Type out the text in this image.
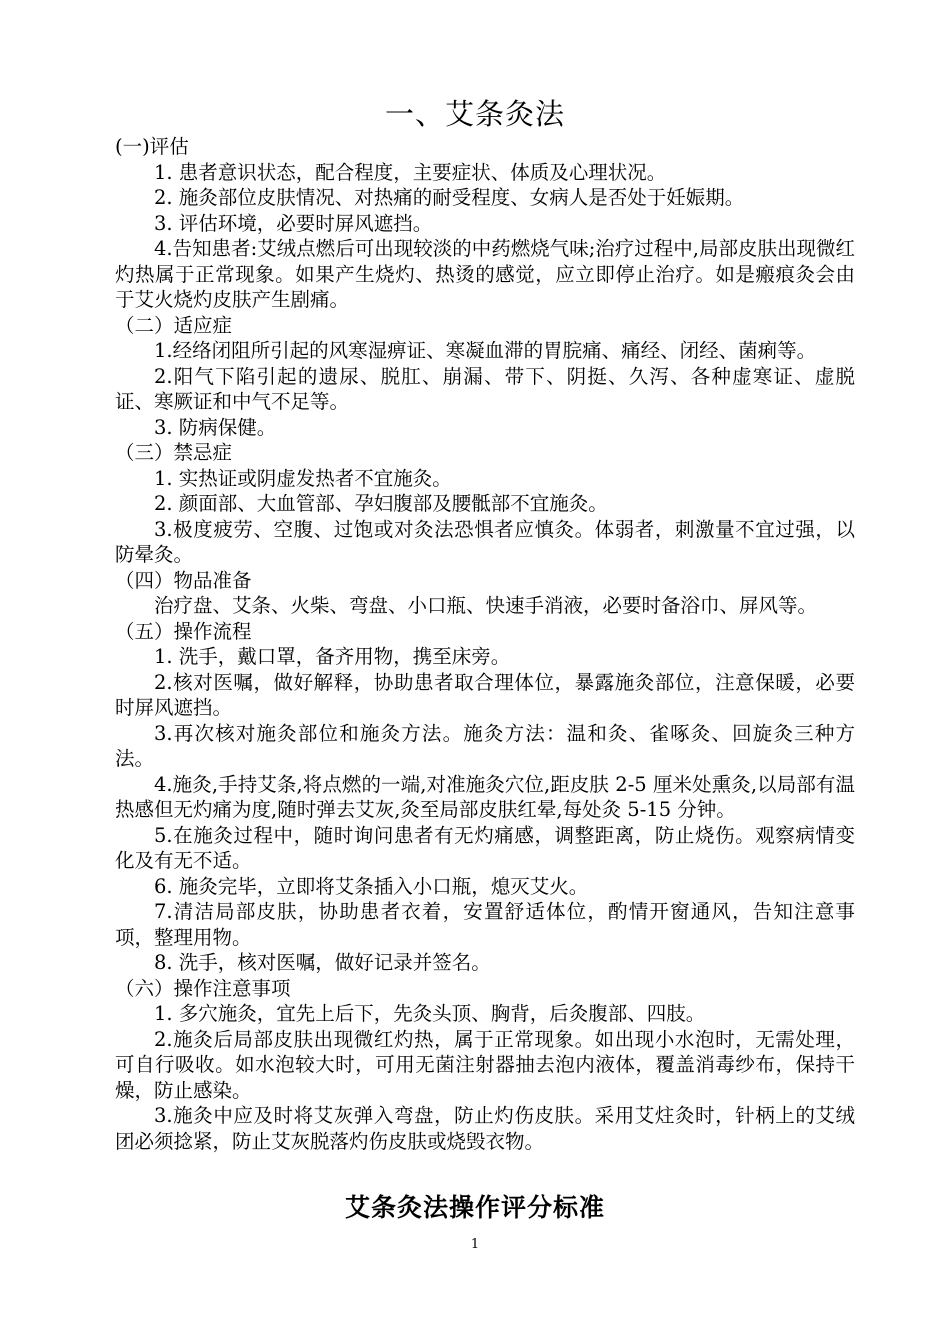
一、艾条灸法
(一)评估
1. 患者意识状态，配合程度，主要症状、体质及心理状况。
2. 施灸部位皮肤情况、对热痛的耐受程度、女病人是否处于妊娠期。
3. 评估环境，必要时屏风遮挡。
4.告知患者:艾绒点燃后可出现较淡的中药燃烧气味;治疗过程中,局部皮肤出现微红灼热属于正常现象。如果产生烧灼、热烫的感觉，应立即停止治疗。如是瘢痕灸会由于艾火烧灼皮肤产生剧痛。
（二）适应症
1.经络闭阻所引起的风寒湿痹证、寒凝血滞的胃脘痛、痛经、闭经、菌痢等。
2.阳气下陷引起的遗尿、脱肛、崩漏、带下、阴挺、久泻、各种虚寒证、虚脱证、寒厥证和中气不足等。
3. 防病保健。
（三）禁忌症
1. 实热证或阴虚发热者不宜施灸。
2. 颜面部、大血管部、孕妇腹部及腰骶部不宜施灸。
3.极度疲劳、空腹、过饱或对灸法恐惧者应慎灸。体弱者，刺激量不宜过强，以防晕灸。
（四）物品准备
治疗盘、艾条、火柴、弯盘、小口瓶、快速手消液，必要时备浴巾、屏风等。
（五）操作流程
1. 洗手，戴口罩，备齐用物，携至床旁。
2.核对医嘱，做好解释，协助患者取合理体位，暴露施灸部位，注意保暖，必要时屏风遮挡。
3.再次核对施灸部位和施灸方法。施灸方法：温和灸、雀啄灸、回旋灸三种方法。
4.施灸,手持艾条,将点燃的一端,对准施灸穴位,距皮肤 2-5 厘米处熏灸,以局部有温热感但无灼痛为度,随时弹去艾灰,灸至局部皮肤红晕,每处灸 5-15 分钟。
5.在施灸过程中，随时询问患者有无灼痛感，调整距离，防止烧伤。观察病情变化及有无不适。
6. 施灸完毕，立即将艾条插入小口瓶，熄灭艾火。
7.清洁局部皮肤，协助患者衣着，安置舒适体位，酌情开窗通风，告知注意事项，整理用物。
8. 洗手，核对医嘱，做好记录并签名。
（六）操作注意事项
1. 多穴施灸，宜先上后下，先灸头顶、胸背，后灸腹部、四肢。
2.施灸后局部皮肤出现微红灼热，属于正常现象。如出现小水泡时，无需处理，可自行吸收。如水泡较大时，可用无菌注射器抽去泡内液体，覆盖消毒纱布，保持干燥，防止感染。
3.施灸中应及时将艾灰弹入弯盘，防止灼伤皮肤。采用艾炷灸时，针柄上的艾绒团必须捻紧，防止艾灰脱落灼伤皮肤或烧毁衣物。
艾条灸法操作评分标准
1
